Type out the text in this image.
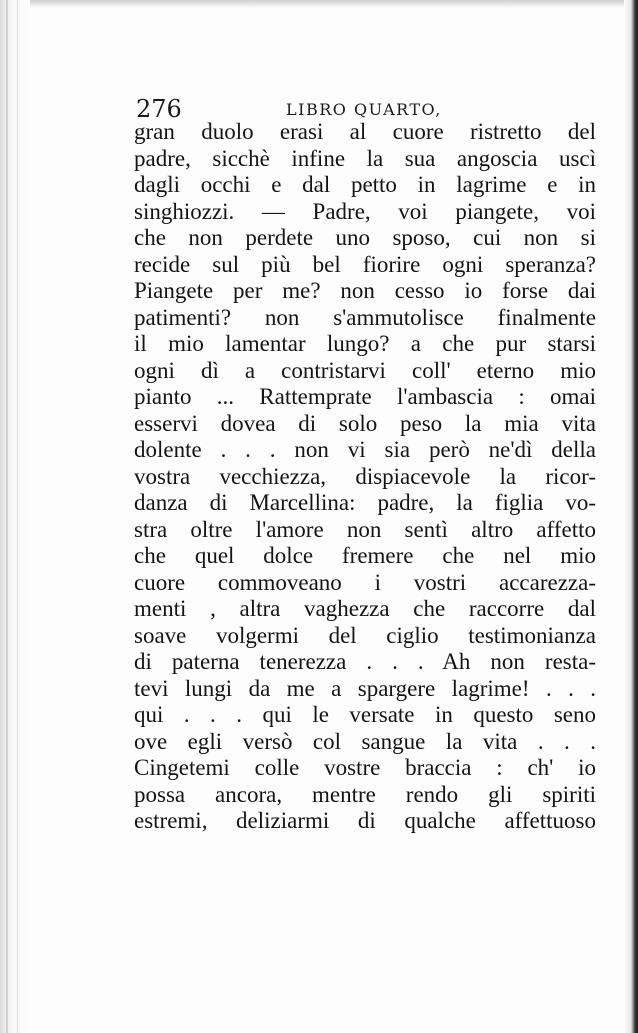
276	LIBRO QUARTO,
gran duolo erasi al cuore ristretto del
padre, sicchè infine la sua angoscia uscì
dagli occhi e dal petto in lagrime e in
singhiozzi. — Padre, voi piangete, voi
che non perdete uno sposo, cui non si
recide sul più bel fiorire ogni speranza?
Piangete per me? non cesso io forse dai
patimenti? non s'ammutolisce finalmente
il mio lamentar lungo? a che pur starsi
ogni dì a contristarvi coll' eterno mio
pianto ... Rattemprate l'ambascia : omai
esservi dovea di solo peso la mia vita
dolente . . . non vi sia però ne'dì della
vostra vecchiezza, dispiacevole la ricor-
danza di Marcellina: padre, la figlia vo-
stra oltre l'amore non sentì altro affetto
che quel dolce fremere che nel mio
cuore commoveano i vostri accarezza-
menti , altra vaghezza che raccorre dal
soave volgermi del ciglio testimonianza
di paterna tenerezza . . . Ah non resta-
tevi lungi da me a spargere lagrime! . . .
qui . . . qui le versate in questo seno
ove egli versò col sangue la vita . . .
Cingetemi colle vostre braccia : ch' io
possa ancora, mentre rendo gli spiriti
estremi, deliziarmi di qualche affettuoso
